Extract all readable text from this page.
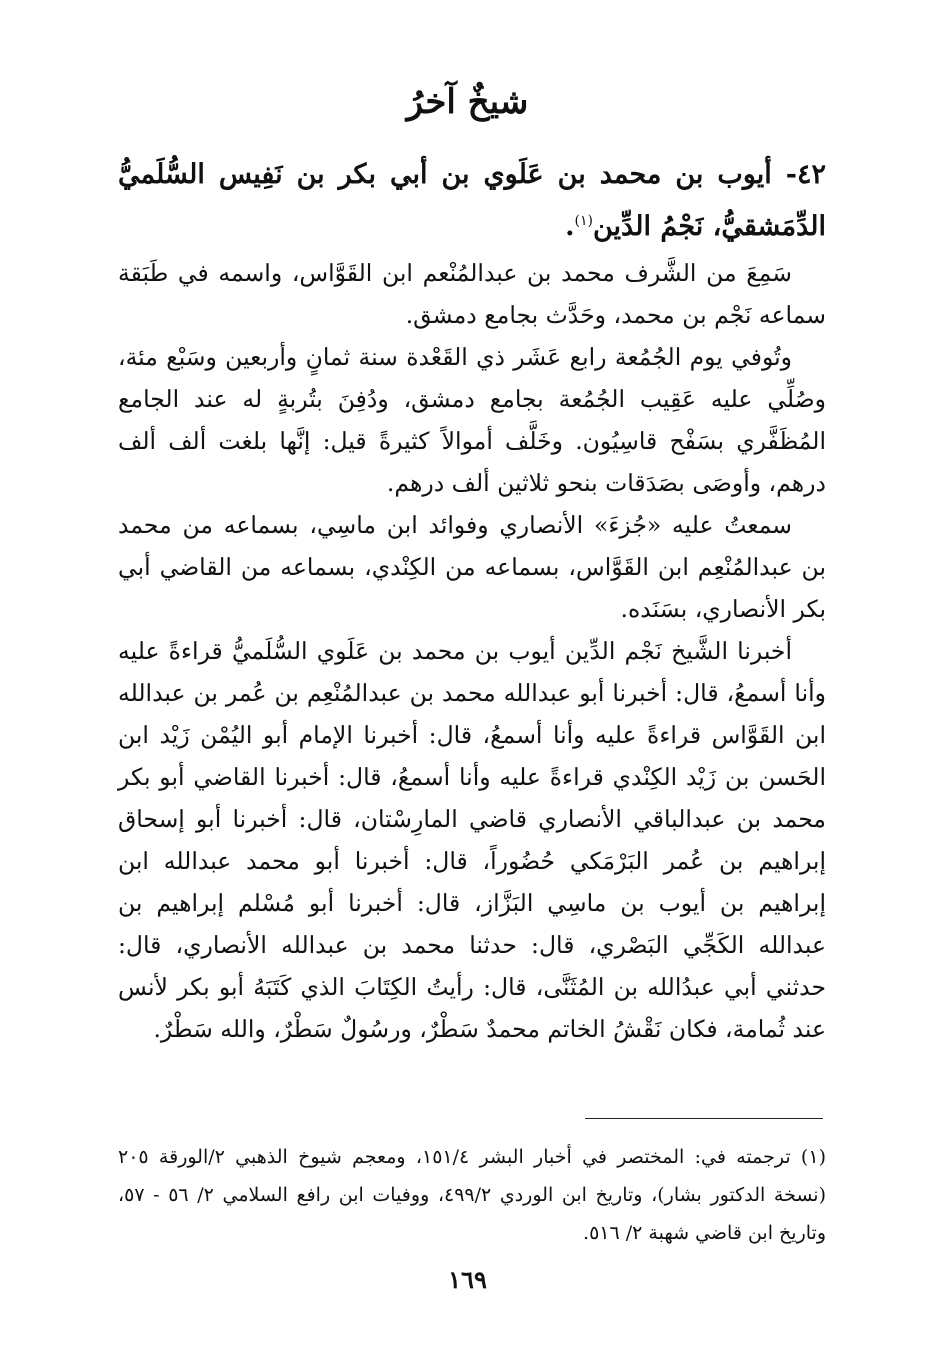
شيخٌ آخرُ

٤٢- أيوب بن محمد بن عَلَوي بن أبي بكر بن نَفِيس السُّلَميُّ الدِّمَشقيُّ، نَجْمُ الدِّين$^{(١)}$.

سَمِعَ من الشَّرف محمد بن عبدالمُنْعم ابن القَوَّاس، واسمه في طَبَقة سماعه نَجْم بن محمد، وحَدَّث بجامع دمشق.

وتُوفي يوم الجُمُعة رابع عَشَر ذي القَعْدة سنة ثمانٍ وأربعين وسَبْع مئة، وصُلِّي عليه عَقِيب الجُمُعة بجامع دمشق، ودُفِنَ بتُربةٍ له عند الجامع المُظَفَّري بسَفْح قاسِيُون. وخَلَّف أموالاً كثيرةً قيل: إنَّها بلغت ألف ألف درهم، وأوصَى بصَدَقات بنحو ثلاثين ألف درهم.

سمعتُ عليه «جُزءَ» الأنصاري وفوائد ابن ماسِي، بسماعه من محمد بن عبدالمُنْعِم ابن القَوَّاس، بسماعه من الكِنْدي، بسماعه من القاضي أبي بكر الأنصاري، بسَنَده.

أخبرنا الشَّيخ نَجْم الدِّين أيوب بن محمد بن عَلَوي السُّلَميُّ قراءةً عليه وأنا أسمعُ، قال: أخبرنا أبو عبدالله محمد بن عبدالمُنْعِم بن عُمر بن عبدالله ابن القَوَّاس قراءةً عليه وأنا أسمعُ، قال: أخبرنا الإمام أبو اليُمْن زَيْد ابن الحَسن بن زَيْد الكِنْدي قراءةً عليه وأنا أسمعُ، قال: أخبرنا القاضي أبو بكر محمد بن عبدالباقي الأنصاري قاضي المارِسْتان، قال: أخبرنا أبو إسحاق إبراهيم بن عُمر البَرْمَكي حُضُوراً، قال: أخبرنا أبو محمد عبدالله ابن إبراهيم بن أيوب بن ماسِي البَزَّاز، قال: أخبرنا أبو مُسْلم إبراهيم بن عبدالله الكَجِّي البَصْري، قال: حدثنا محمد بن عبدالله الأنصاري، قال: حدثني أبي عبدُالله بن المُثَنَّى، قال: رأيتُ الكِتَابَ الذي كَتَبَهُ أبو بكر لأنس عند ثُمامة، فكان نَقْشُ الخاتم محمدٌ سَطْرٌ، ورسُولٌ سَطْرٌ، والله سَطْرٌ.

(١) ترجمته في: المختصر في أخبار البشر ١٥١/٤، ومعجم شيوخ الذهبي ٢/الورقة ٢٠٥ (نسخة الدكتور بشار)، وتاريخ ابن الوردي ٤٩٩/٢، ووفيات ابن رافع السلامي ٢/ ٥٦ - ٥٧، وتاريخ ابن قاضي شهبة ٢/ ٥١٦.
١٦٩
